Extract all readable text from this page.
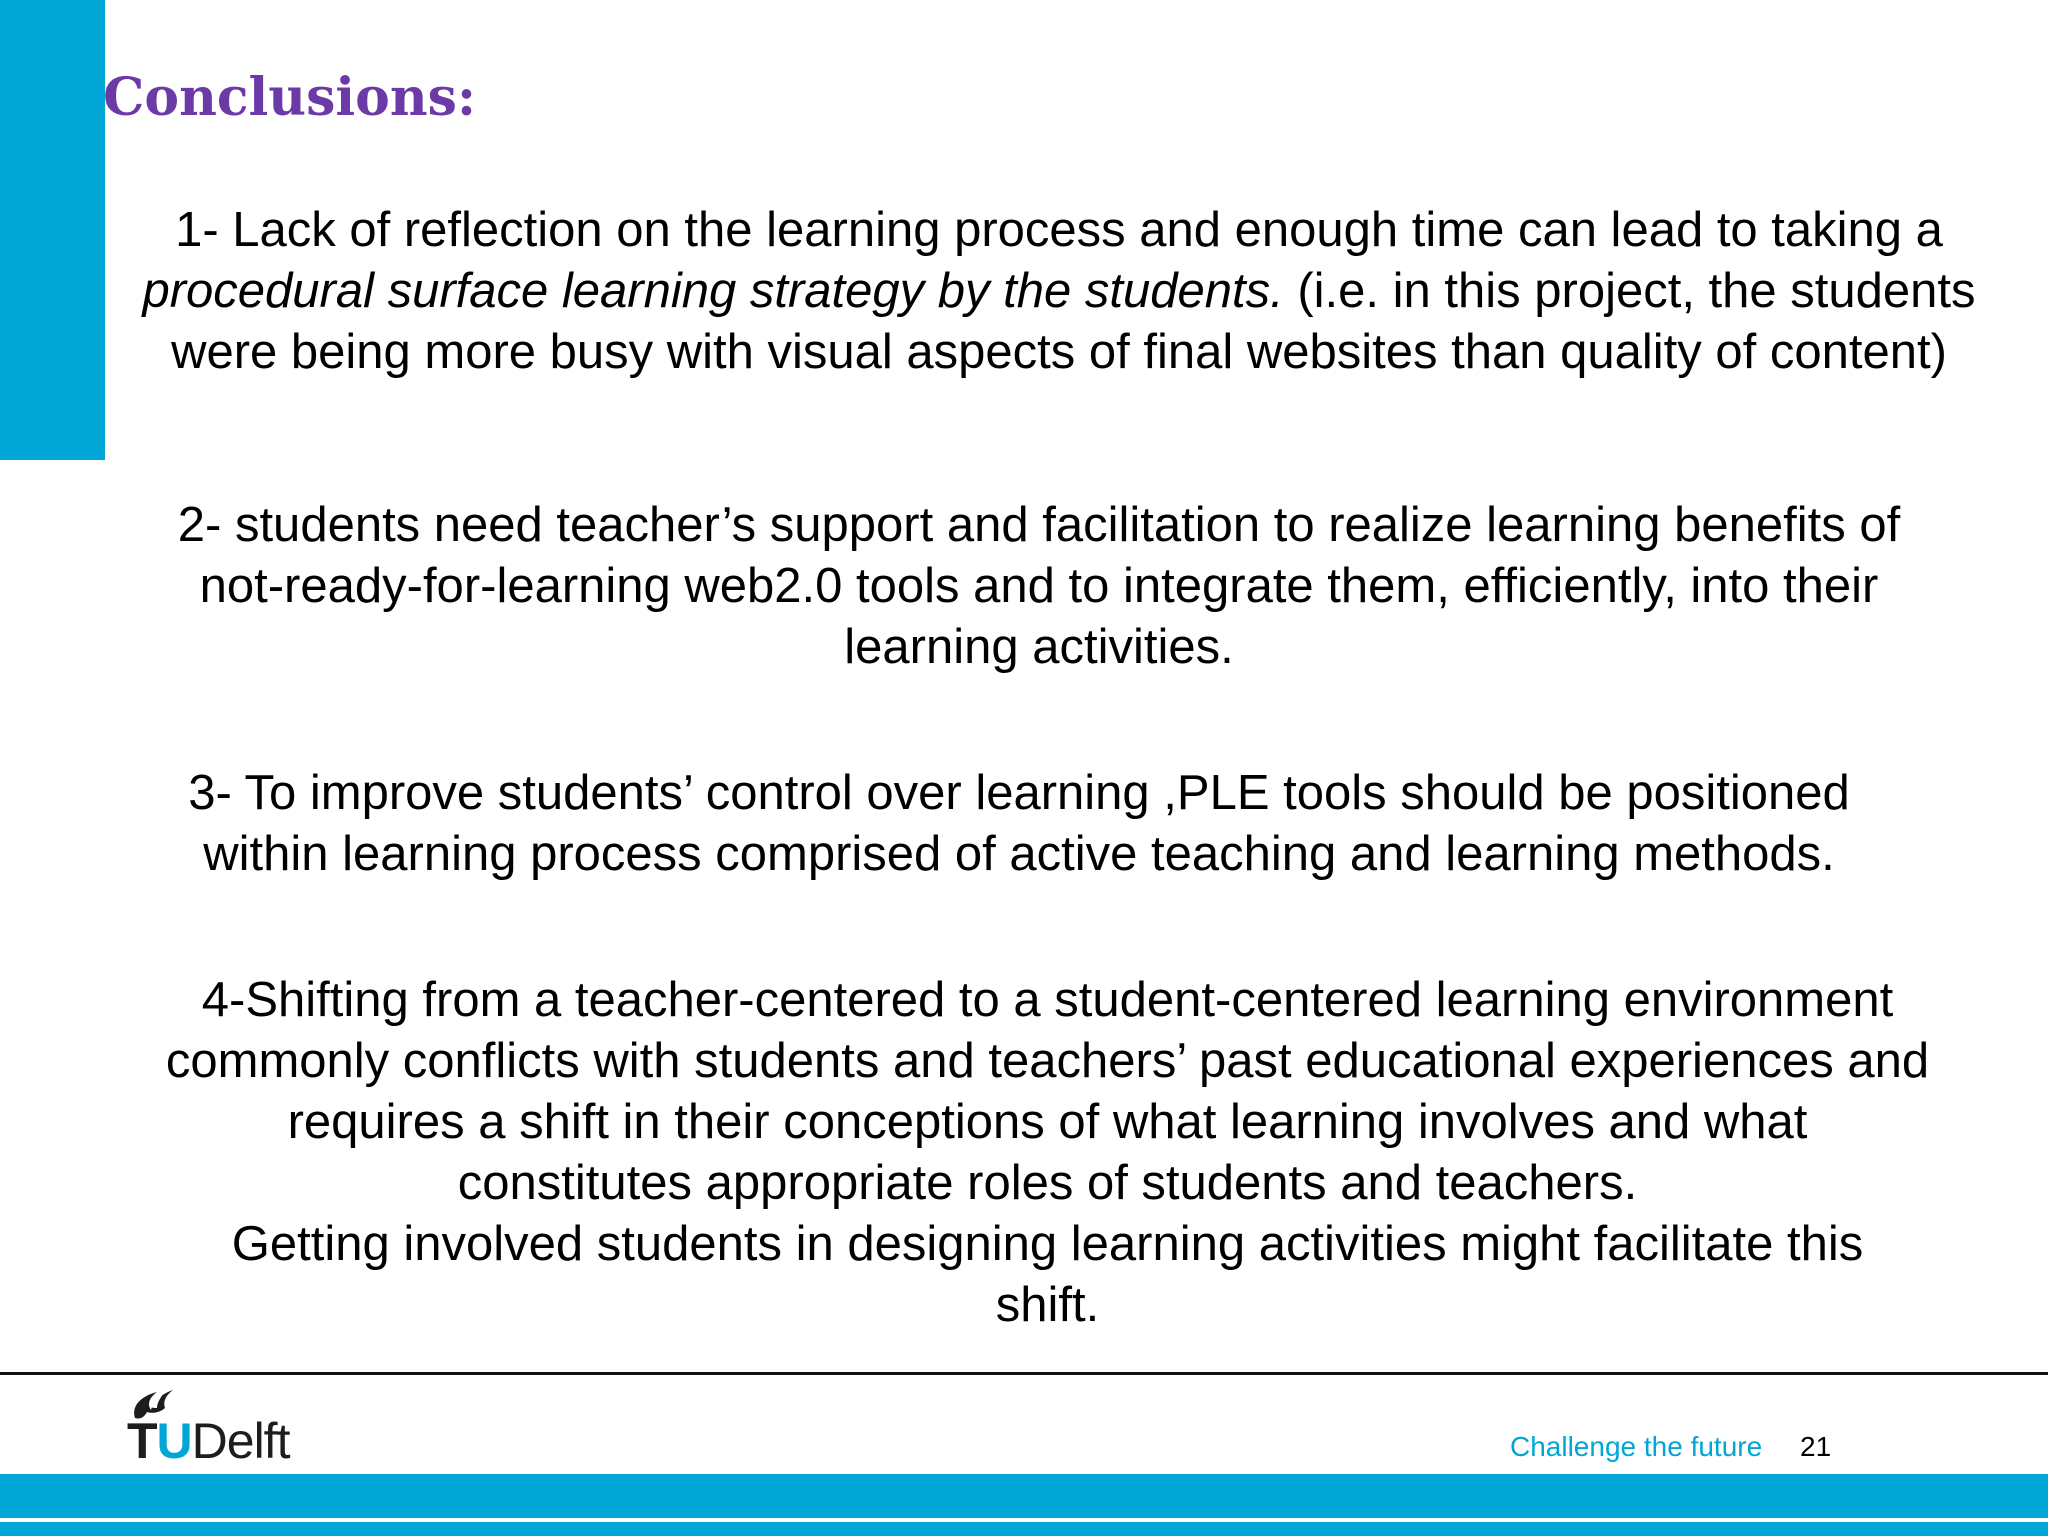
Conclusions:
1- Lack of reflection on the learning process and enough time can lead to taking a
procedural surface learning strategy by the students. (i.e. in this project, the students
were being more busy with visual aspects of final websites than quality of content)
2- students need teacher’s support and facilitation to realize learning benefits of
not-ready-for-learning web2.0 tools and to integrate them, efficiently, into their
learning activities.
3- To improve students’ control over learning ,PLE tools should be positioned
within learning process comprised of active teaching and learning methods.
4-Shifting from a teacher-centered to a student-centered learning environment
commonly conflicts with students and teachers’ past educational experiences and
requires a shift in their conceptions of what learning involves and what
constitutes appropriate roles of students and teachers.
Getting involved students in designing learning activities might facilitate this
shift.
TUDelft	Challenge the future 21
